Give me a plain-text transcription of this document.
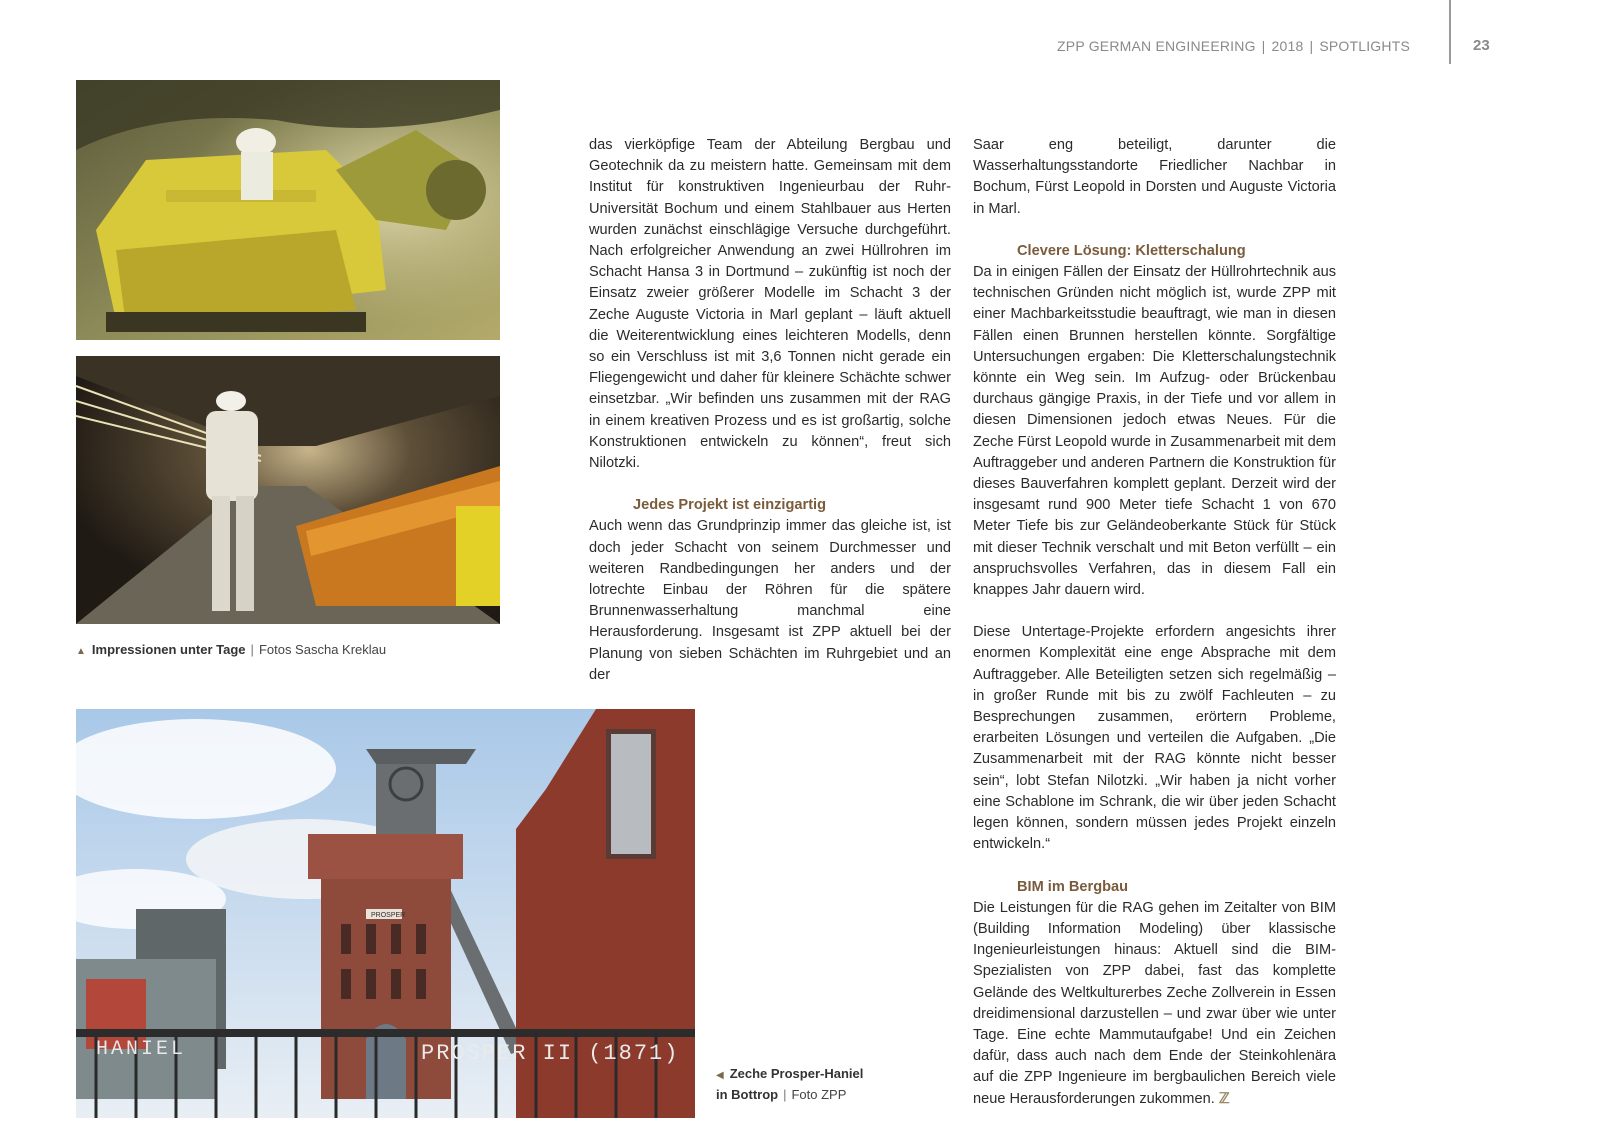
ZPP GERMAN ENGINEERING | 2018 | SPOTLIGHTS	23
▲ Impressionen unter Tage | Fotos Sascha Kreklau
HANIEL
PROSPER
PROSPER II (1871)
◀ Zeche Prosper-Haniel
in Bottrop | Foto ZPP

das vierköpfige Team der Abteilung Bergbau und Geotechnik da zu meistern hatte. Gemeinsam mit dem Institut für konstruktiven Ingenieurbau der Ruhr-Universität Bochum und einem Stahlbauer aus Herten wurden zunächst einschlägige Versuche durchgeführt. Nach erfolgreicher Anwendung an zwei Hüllrohren im Schacht Hansa 3 in Dortmund – zukünftig ist noch der Einsatz zweier größerer Modelle im Schacht 3 der Zeche Auguste Victoria in Marl geplant – läuft aktuell die Weiterentwicklung eines leichteren Modells, denn so ein Verschluss ist mit 3,6 Tonnen nicht gerade ein Fliegengewicht und daher für kleinere Schächte schwer einsetzbar. „Wir befinden uns zusammen mit der RAG in einem kreativen Prozess und es ist großartig, solche Konstruktionen entwickeln zu können“, freut sich Nilotzki.

Jedes Projekt ist einzigartig

Auch wenn das Grundprinzip immer das gleiche ist, ist doch jeder Schacht von seinem Durchmesser und weiteren Randbedingungen her anders und der lotrechte Einbau der Röhren für die spätere Brunnenwasserhaltung manchmal eine Herausforderung. Insgesamt ist ZPP aktuell bei der Planung von sieben Schächten im Ruhrgebiet und an der

Saar eng beteiligt, darunter die Wasserhaltungsstandorte Friedlicher Nachbar in Bochum, Fürst Leopold in Dorsten und Auguste Victoria in Marl.

Clevere Lösung: Kletterschalung

Da in einigen Fällen der Einsatz der Hüllrohrtechnik aus technischen Gründen nicht möglich ist, wurde ZPP mit einer Machbarkeitsstudie beauftragt, wie man in diesen Fällen einen Brunnen herstellen könnte. Sorgfältige Untersuchungen ergaben: Die Kletterschalungstechnik könnte ein Weg sein. Im Aufzug- oder Brückenbau durchaus gängige Praxis, in der Tiefe und vor allem in diesen Dimensionen jedoch etwas Neues. Für die Zeche Fürst Leopold wurde in Zusammenarbeit mit dem Auftraggeber und anderen Partnern die Konstruktion für dieses Bauverfahren komplett geplant. Derzeit wird der insgesamt rund 900 Meter tiefe Schacht 1 von 670 Meter Tiefe bis zur Geländeoberkante Stück für Stück mit dieser Technik verschalt und mit Beton verfüllt – ein anspruchsvolles Verfahren, das in diesem Fall ein knappes Jahr dauern wird.

Diese Untertage-Projekte erfordern angesichts ihrer enormen Komplexität eine enge Absprache mit dem Auftraggeber. Alle Beteiligten setzen sich regelmäßig – in großer Runde mit bis zu zwölf Fachleuten – zu Besprechungen zusammen, erörtern Probleme, erarbeiten Lösungen und verteilen die Aufgaben. „Die Zusammenarbeit mit der RAG könnte nicht besser sein“, lobt Stefan Nilotzki. „Wir haben ja nicht vorher eine Schablone im Schrank, die wir über jeden Schacht legen können, sondern müssen jedes Projekt einzeln entwickeln.“

BIM im Bergbau

Die Leistungen für die RAG gehen im Zeitalter von BIM (Building Information Modeling) über klassische Ingenieurleistungen hinaus: Aktuell sind die BIM-Spezialisten von ZPP dabei, fast das komplette Gelände des Weltkulturerbes Zeche Zollverein in Essen dreidimensional darzustellen – und zwar über wie unter Tage. Eine echte Mammutaufgabe! Und ein Zeichen dafür, dass auch nach dem Ende der Steinkohlenära auf die ZPP Ingenieure im bergbaulichen Bereich viele neue Herausforderungen zukommen. ℤ
